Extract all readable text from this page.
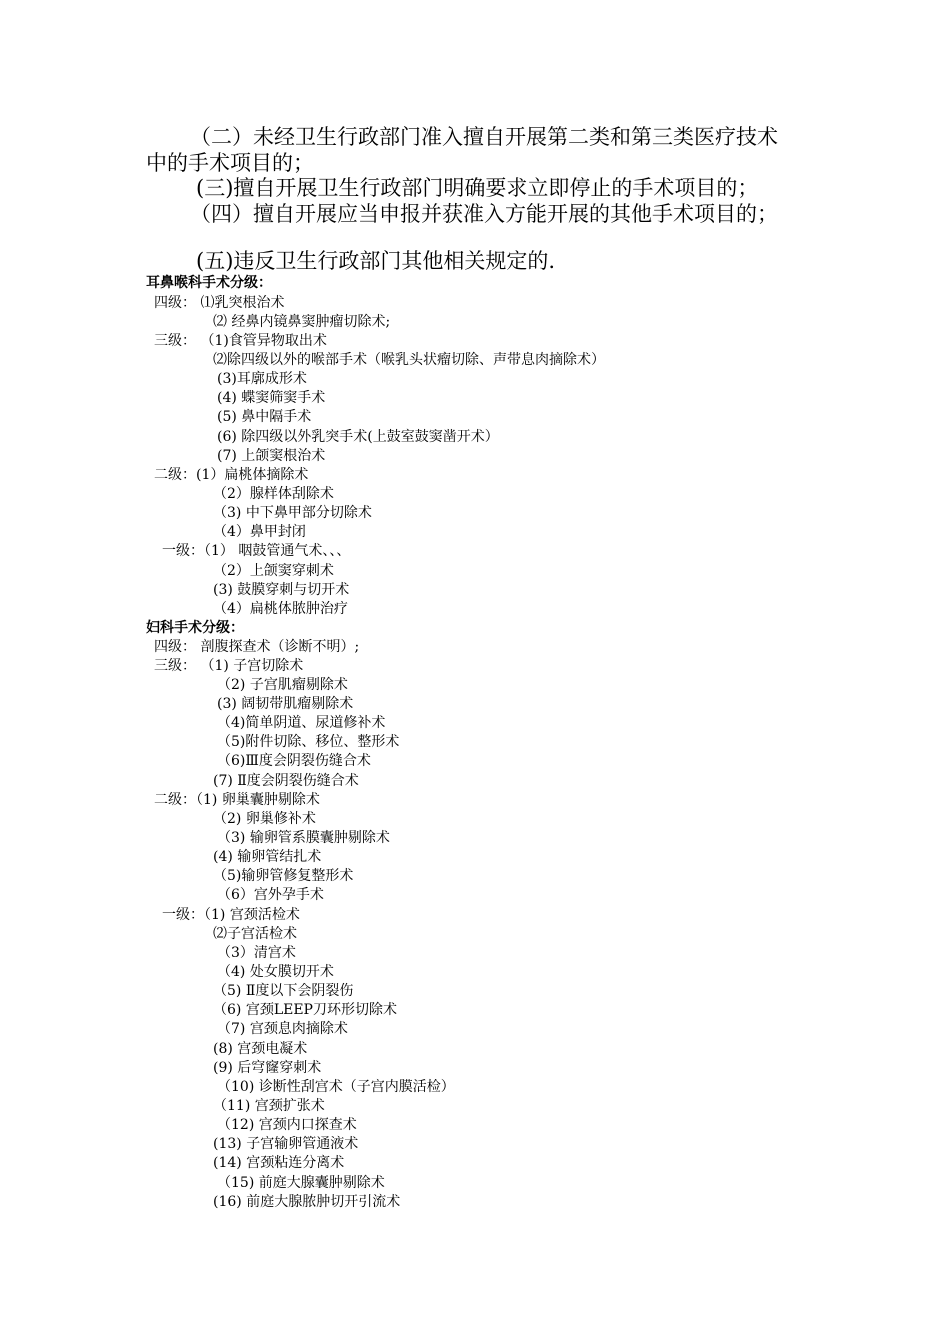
（二）未经卫生行政部门准入擅自开展第二类和第三类医疗技术
中的手术项目的；
(三)擅自开展卫生行政部门明确要求立即停止的手术项目的；
（四）擅自开展应当申报并获准入方能开展的其他手术项目的；
(五)违反卫生行政部门其他相关规定的.
耳鼻喉科手术分级：
四级： ⑴乳突根治术
⑵ 经鼻内镜鼻窦肿瘤切除术;
三级： （1)食管异物取出术
⑵除四级以外的喉部手术（喉乳头状瘤切除、声带息肉摘除术）
(3)耳廓成形术
(4) 蝶窦筛窦手术
(5) 鼻中隔手术
(6) 除四级以外乳突手术(上鼓室鼓窦凿开术）
(7) 上颌窦根治术
二级：(1）扁桃体摘除术
（2）腺样体刮除术
（3) 中下鼻甲部分切除术
（4）鼻甲封闭
一级：（1） 咽鼓管通气术、、、
（2）上颌窦穿刺术
(3) 鼓膜穿刺与切开术
（4）扁桃体脓肿治疗
妇科手术分级：
四级： 剖腹探查术（诊断不明）;
三级： （1) 子宫切除术
（2) 子宫肌瘤剔除术
(3) 阔韧带肌瘤剔除术
（4)简单阴道、尿道修补术
（5)附件切除、移位、整形术
（6)Ⅲ度会阴裂伤缝合术
(7) Ⅱ度会阴裂伤缝合术
二级：（1) 卵巢囊肿剔除术
（2) 卵巢修补术
（3) 输卵管系膜囊肿剔除术
(4) 输卵管结扎术
（5)输卵管修复整形术
（6）宫外孕手术
一级：（1) 宫颈活检术
⑵子宫活检术
（3）清宫术
（4) 处女膜切开术
（5) Ⅱ度以下会阴裂伤
（6) 宫颈LEEP刀环形切除术
（7) 宫颈息肉摘除术
(8) 宫颈电凝术
(9) 后穹窿穿刺术
（10) 诊断性刮宫术（子宫内膜活检）
（11) 宫颈扩张术
（12) 宫颈内口探查术
(13) 子宫输卵管通液术
(14) 宫颈粘连分离术
（15) 前庭大腺囊肿剔除术
(16) 前庭大腺脓肿切开引流术
